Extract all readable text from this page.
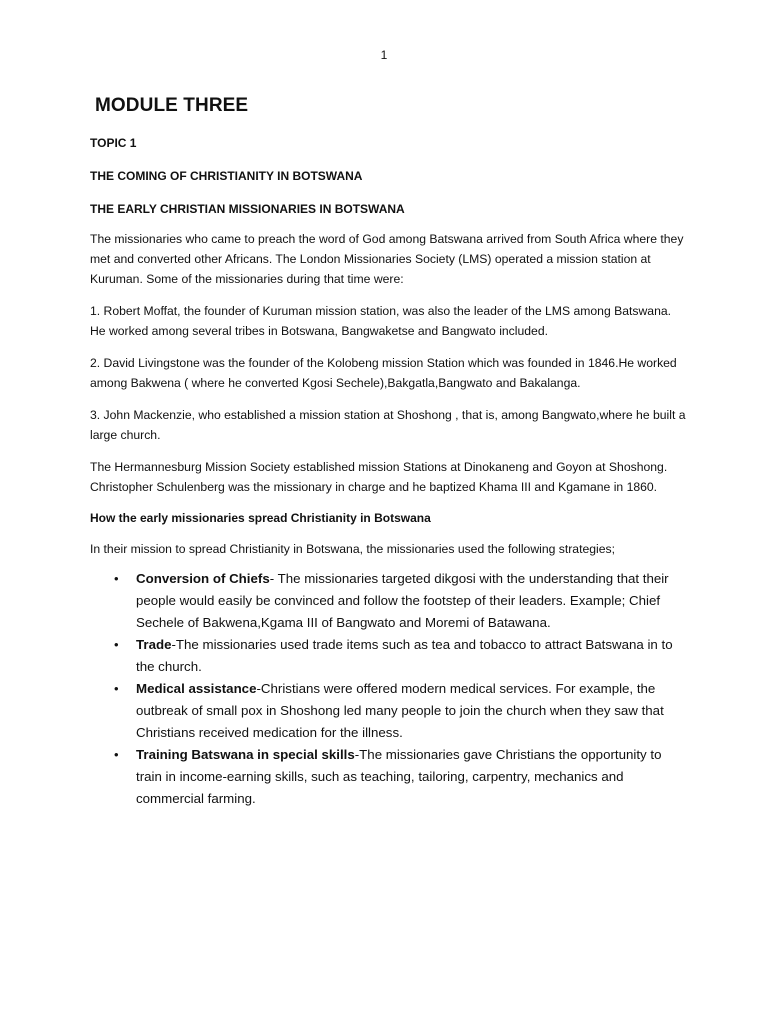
1
MODULE THREE

TOPIC 1

THE COMING OF CHRISTIANITY IN BOTSWANA

THE EARLY CHRISTIAN MISSIONARIES IN BOTSWANA

The missionaries who came to preach the word of God among Batswana arrived from South Africa where they met and converted other Africans. The London Missionaries Society (LMS) operated a mission station at Kuruman. Some of the missionaries during that time were:

1. Robert Moffat, the founder of Kuruman mission station, was also the leader of the LMS among Batswana. He worked among several tribes in Botswana, Bangwaketse and Bangwato included.

2. David Livingstone was the founder of the Kolobeng mission Station which was founded in 1846.He worked among Bakwena ( where he converted Kgosi Sechele),Bakgatla,Bangwato and Bakalanga.

3. John Mackenzie, who established a mission station at Shoshong , that is, among Bangwato,where he built a large church.

The Hermannesburg Mission Society established mission Stations at Dinokaneng and Goyon at Shoshong. Christopher Schulenberg was the missionary in charge and he baptized Khama III and Kgamane in 1860.

How the early missionaries spread Christianity in Botswana

In their mission to spread Christianity in Botswana, the missionaries used the following strategies;

• Conversion of Chiefs- The missionaries targeted dikgosi with the understanding that their people would easily be convinced and follow the footstep of their leaders. Example; Chief Sechele of Bakwena,Kgama III of Bangwato and Moremi of Batawana.
• Trade-The missionaries used trade items such as tea and tobacco to attract Batswana in to the church.
• Medical assistance-Christians were offered modern medical services. For example, the outbreak of small pox in Shoshong led many people to join the church when they saw that Christians received medication for the illness.
• Training Batswana in special skills-The missionaries gave Christians the opportunity to train in income-earning skills, such as teaching, tailoring, carpentry, mechanics and commercial farming.
